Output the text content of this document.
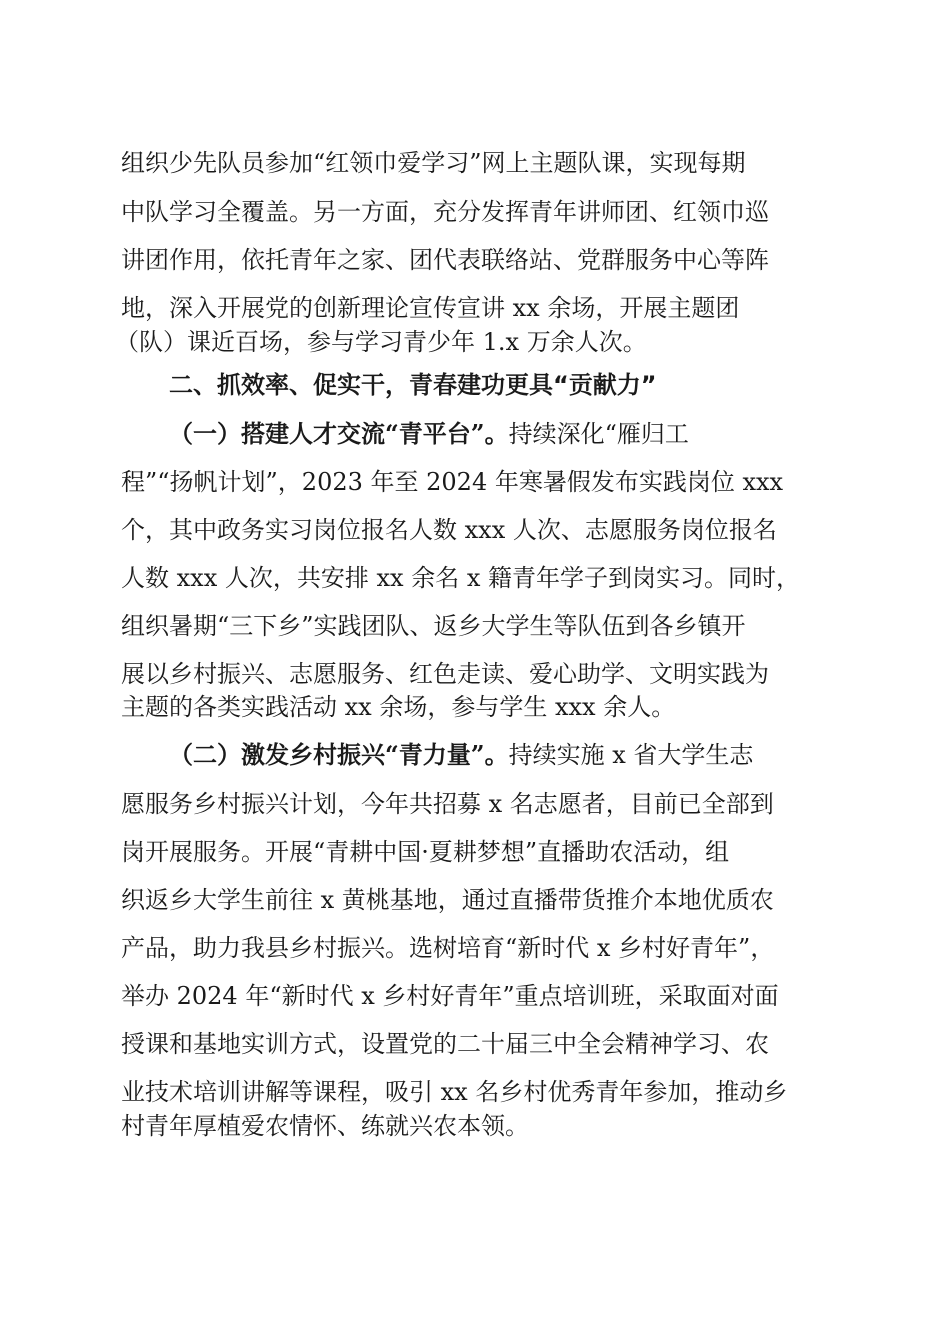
组织少先队员参加“红领巾爱学习”网上主题队课，实现每期
中队学习全覆盖。另一方面，充分发挥青年讲师团、红领巾巡
讲团作用，依托青年之家、团代表联络站、党群服务中心等阵
地，深入开展党的创新理论宣传宣讲 xx 余场，开展主题团
（队）课近百场，参与学习青少年 1.x 万余人次。
二、抓效率、促实干，青春建功更具“贡献力”
（一）搭建人才交流“青平台”。持续深化“雁归工
程”“扬帆计划”，2023 年至 2024 年寒暑假发布实践岗位 xxx
个，其中政务实习岗位报名人数 xxx 人次、志愿服务岗位报名
人数 xxx 人次，共安排 xx 余名 x 籍青年学子到岗实习。同时，
组织暑期“三下乡”实践团队、返乡大学生等队伍到各乡镇开
展以乡村振兴、志愿服务、红色走读、爱心助学、文明实践为
主题的各类实践活动 xx 余场，参与学生 xxx 余人。
（二）激发乡村振兴“青力量”。持续实施 x 省大学生志
愿服务乡村振兴计划，今年共招募 x 名志愿者，目前已全部到
岗开展服务。开展“青耕中国·夏耕梦想”直播助农活动，组
织返乡大学生前往 x 黄桃基地，通过直播带货推介本地优质农
产品，助力我县乡村振兴。选树培育“新时代 x 乡村好青年”，
举办 2024 年“新时代 x 乡村好青年”重点培训班，采取面对面
授课和基地实训方式，设置党的二十届三中全会精神学习、农
业技术培训讲解等课程，吸引 xx 名乡村优秀青年参加，推动乡
村青年厚植爱农情怀、练就兴农本领。
